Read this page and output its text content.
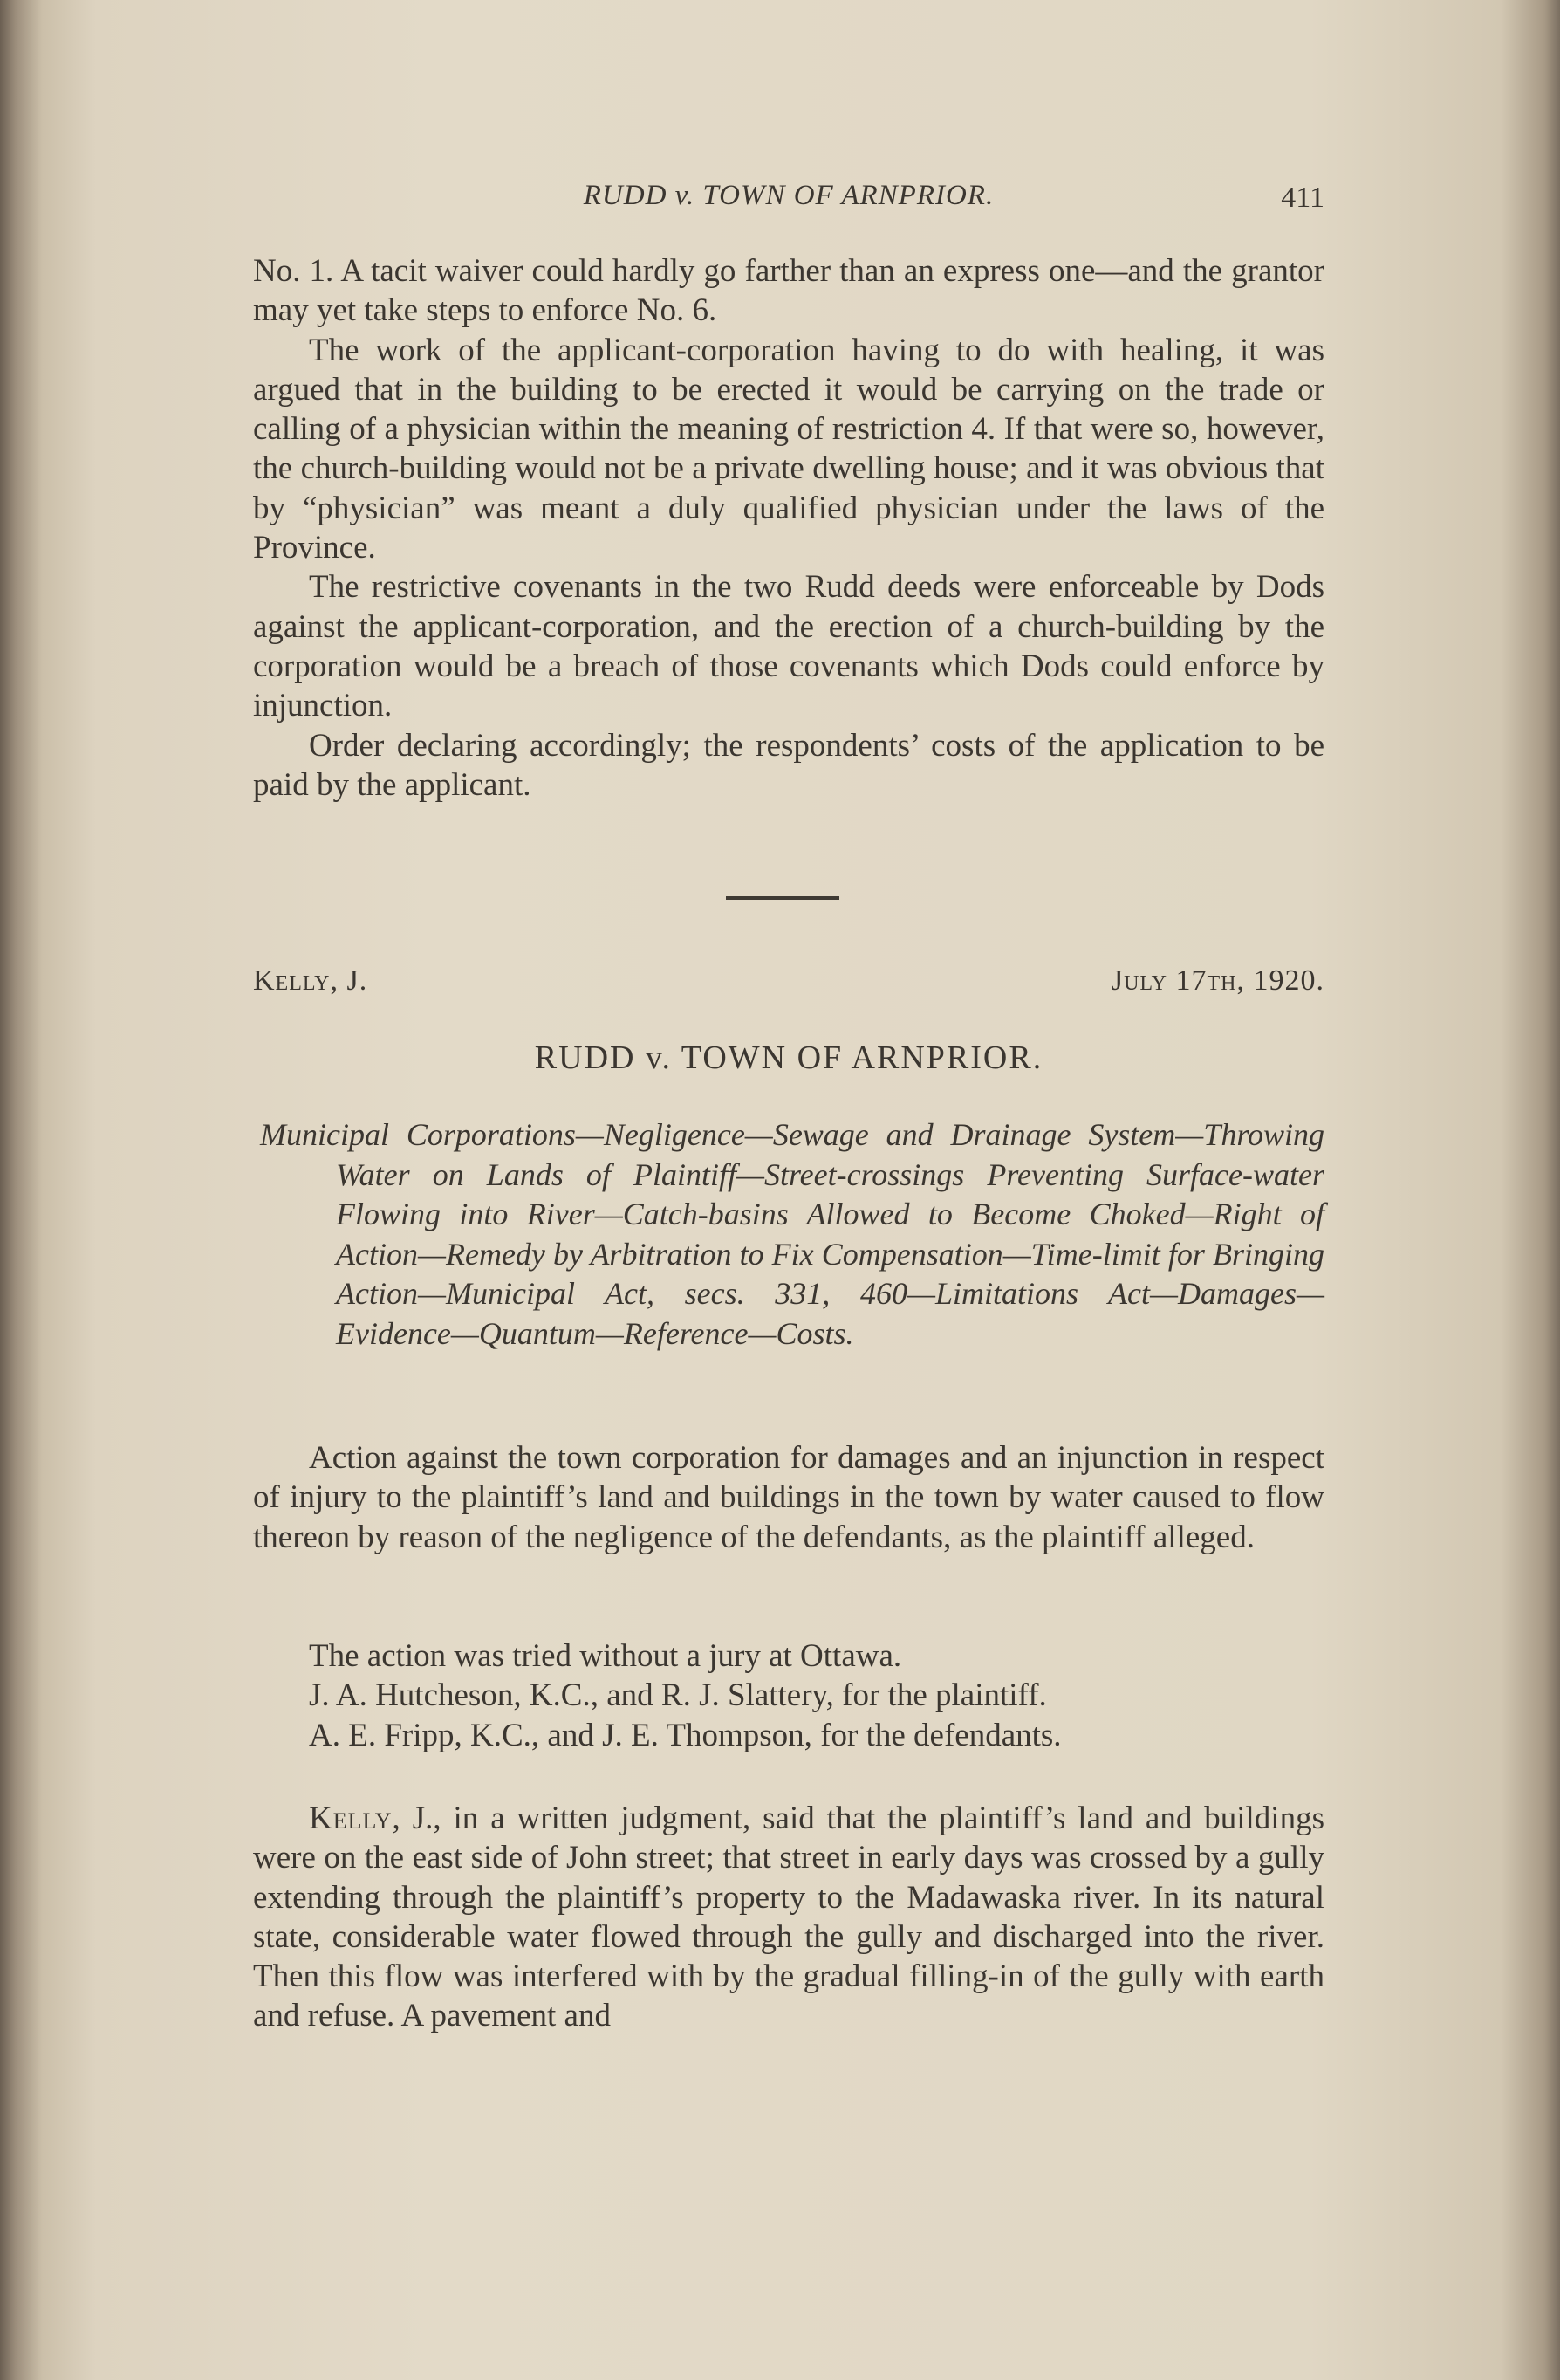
RUDD v. TOWN OF ARNPRIOR.	411

No. 1. A tacit waiver could hardly go farther than an express one—and the grantor may yet take steps to enforce No. 6.

The work of the applicant-corporation having to do with healing, it was argued that in the building to be erected it would be carrying on the trade or calling of a physician within the meaning of restriction 4. If that were so, however, the church-building would not be a private dwelling house; and it was obvious that by “physician” was meant a duly qualified physician under the laws of the Province.

The restrictive covenants in the two Rudd deeds were enforceable by Dods against the applicant-corporation, and the erection of a church-building by the corporation would be a breach of those covenants which Dods could enforce by injunction.

Order declaring accordingly; the respondents’ costs of the application to be paid by the applicant.

Kelly, J.	July 17th, 1920.
RUDD v. TOWN OF ARNPRIOR.

Municipal Corporations—Negligence—Sewage and Drainage System—Throwing Water on Lands of Plaintiff—Street-crossings Preventing Surface-water Flowing into River—Catch-basins Allowed to Become Choked—Right of Action—Remedy by Arbitration to Fix Compensation—Time-limit for Bringing Action—Municipal Act, secs. 331, 460—Limitations Act—Damages—Evidence—Quantum—Reference—Costs.

Action against the town corporation for damages and an injunction in respect of injury to the plaintiff’s land and buildings in the town by water caused to flow thereon by reason of the negligence of the defendants, as the plaintiff alleged.

The action was tried without a jury at Ottawa.

J. A. Hutcheson, K.C., and R. J. Slattery, for the plaintiff.

A. E. Fripp, K.C., and J. E. Thompson, for the defendants.

Kelly, J., in a written judgment, said that the plaintiff’s land and buildings were on the east side of John street; that street in early days was crossed by a gully extending through the plaintiff’s property to the Madawaska river. In its natural state, considerable water flowed through the gully and discharged into the river. Then this flow was interfered with by the gradual filling-in of the gully with earth and refuse. A pavement and
